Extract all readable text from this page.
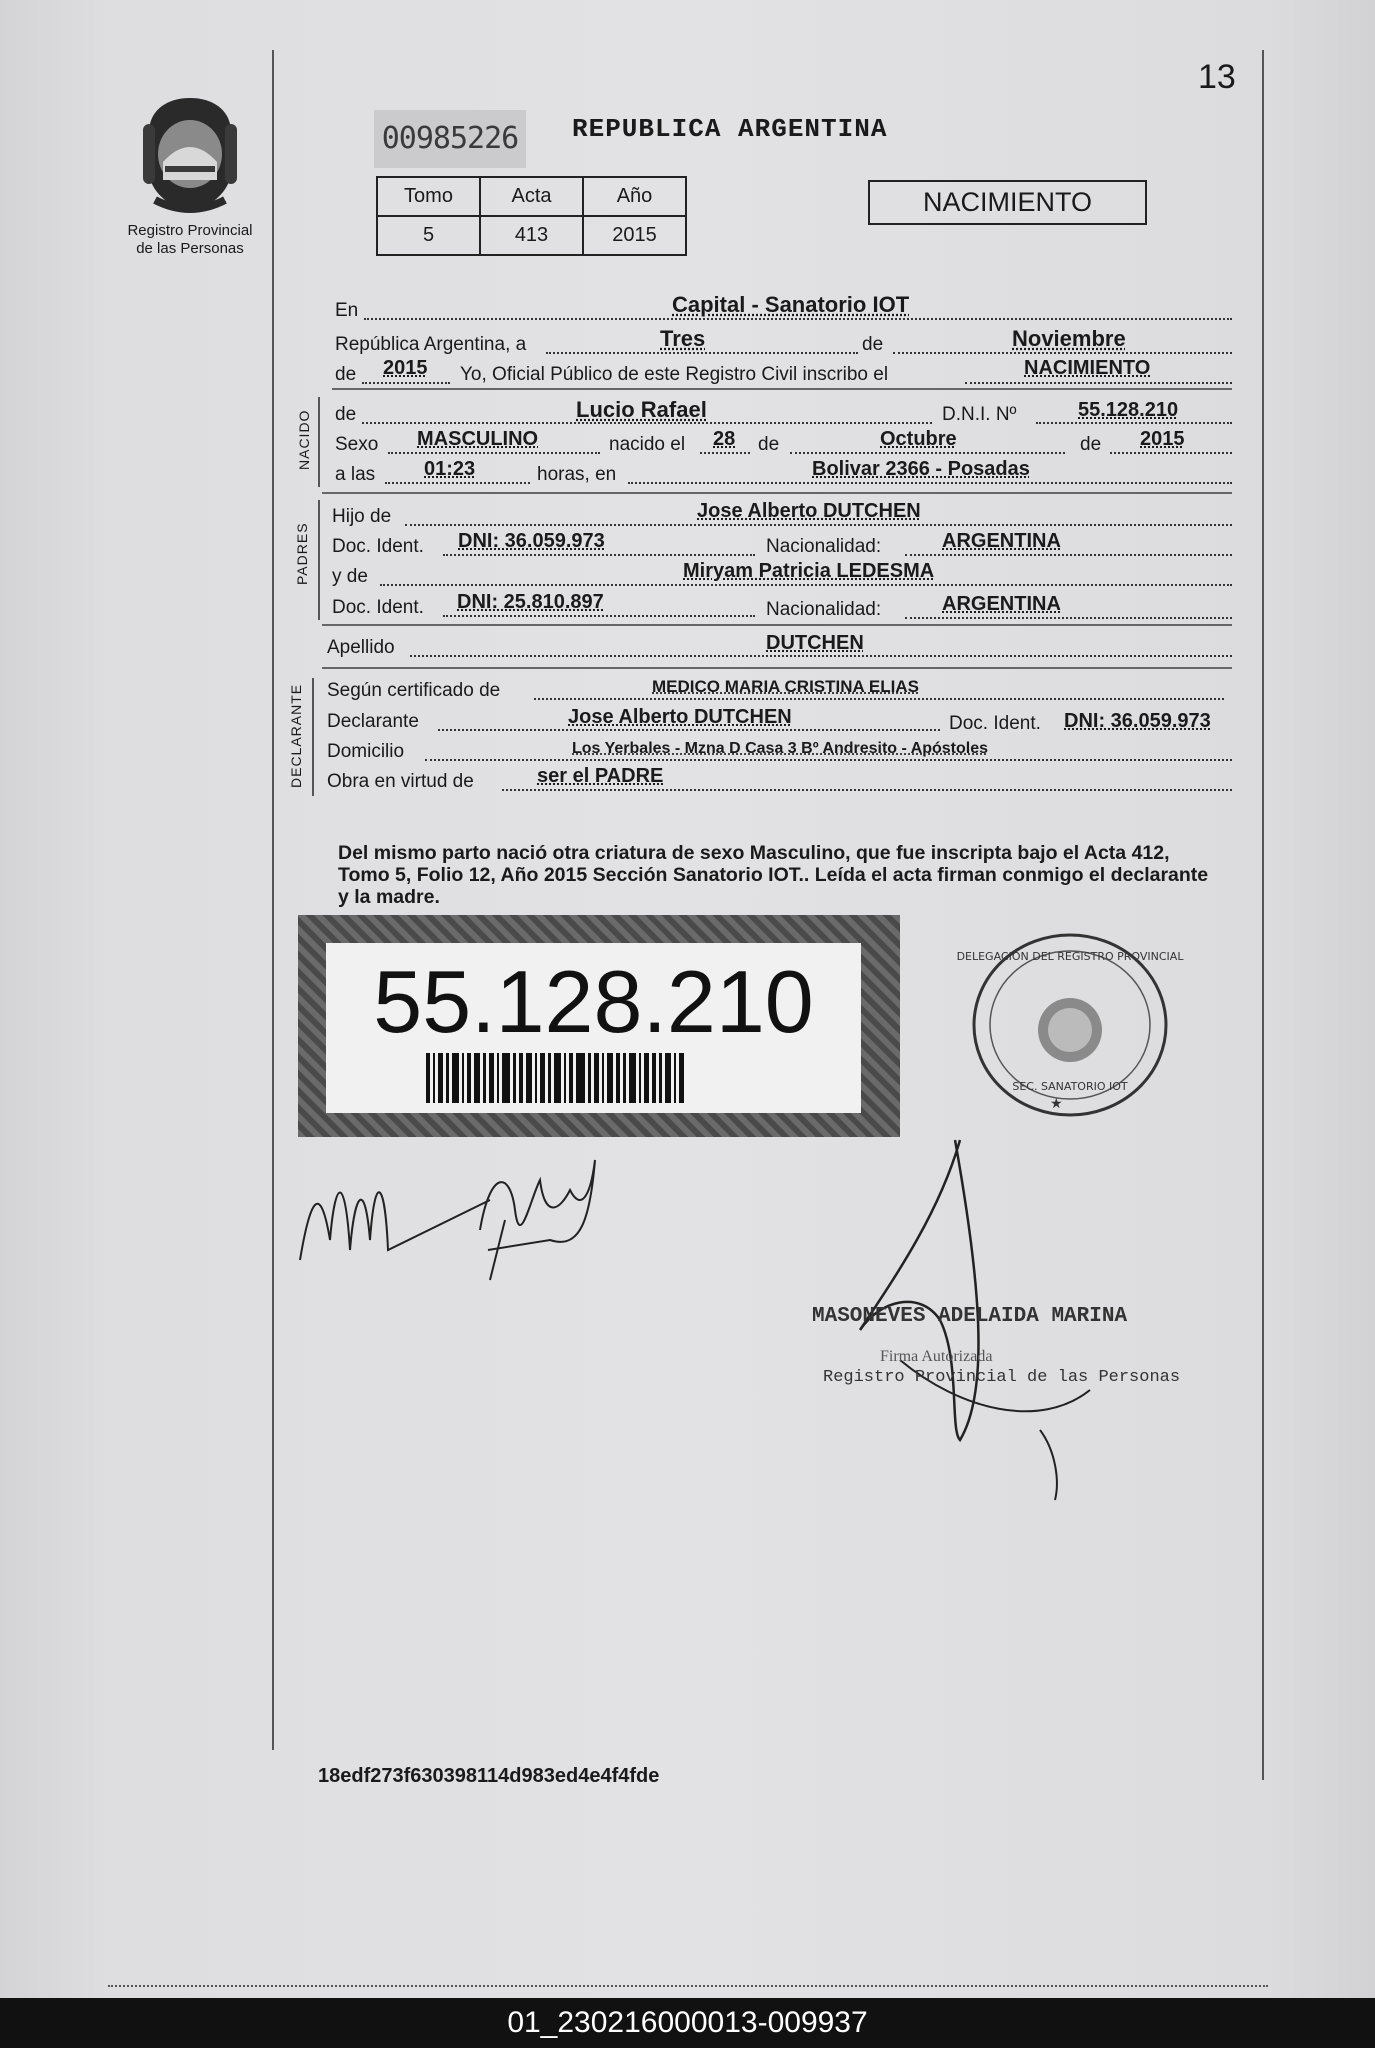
13
Registro Provincial
de las Personas
00985226 REPUBLICA ARGENTINA
Tomo	Acta	Año
5	413	2015
NACIMIENTO
En	Capital - Sanatorio IOT
República Argentina, a	Tres	de	Noviembre
de 2015 Yo, Oficial Público de este Registro Civil inscribo el	NACIMIENTO
NACIDO de	Lucio Rafael	D.N.I. Nº	55.128.210
Sexo MASCULINO	nacido el 28 de	Octubre	de 2015
a las 01:23	horas, en	Bolivar 2366 - Posadas
PADRES
Hijo de	Jose Alberto DUTCHEN
Doc. Ident. DNI: 36.059.973	Nacionalidad:	ARGENTINA
y de	Miryam Patricia LEDESMA
Doc. Ident. DNI: 25.810.897	Nacionalidad:	ARGENTINA
Apellido	DUTCHEN
DECLARANTE Según certificado de	MEDICO MARIA CRISTINA ELIAS
Declarante	Jose Alberto DUTCHEN	Doc. Ident. DNI: 36.059.973
Domicilio	Los Yerbales - Mzna D Casa 3 Bº Andresito - Apóstoles
Obra en virtud de	ser el PADRE
Del mismo parto nació otra criatura de sexo Masculino, que fue inscripta bajo el Acta 412, Tomo 5, Folio 12, Año 2015 Sección Sanatorio IOT.. Leída el acta firman conmigo el declarante y la madre.
55.128.210	DELEGACION DEL REGISTRO PROVINCIAL
SEC. SANATORIO IOT
★
MASONEVES ADELAIDA MARINA
Firma Autorizada
Registro Provincial de las Personas
18edf273f630398114d983ed4e4f4fde
01_230216000013-009937
